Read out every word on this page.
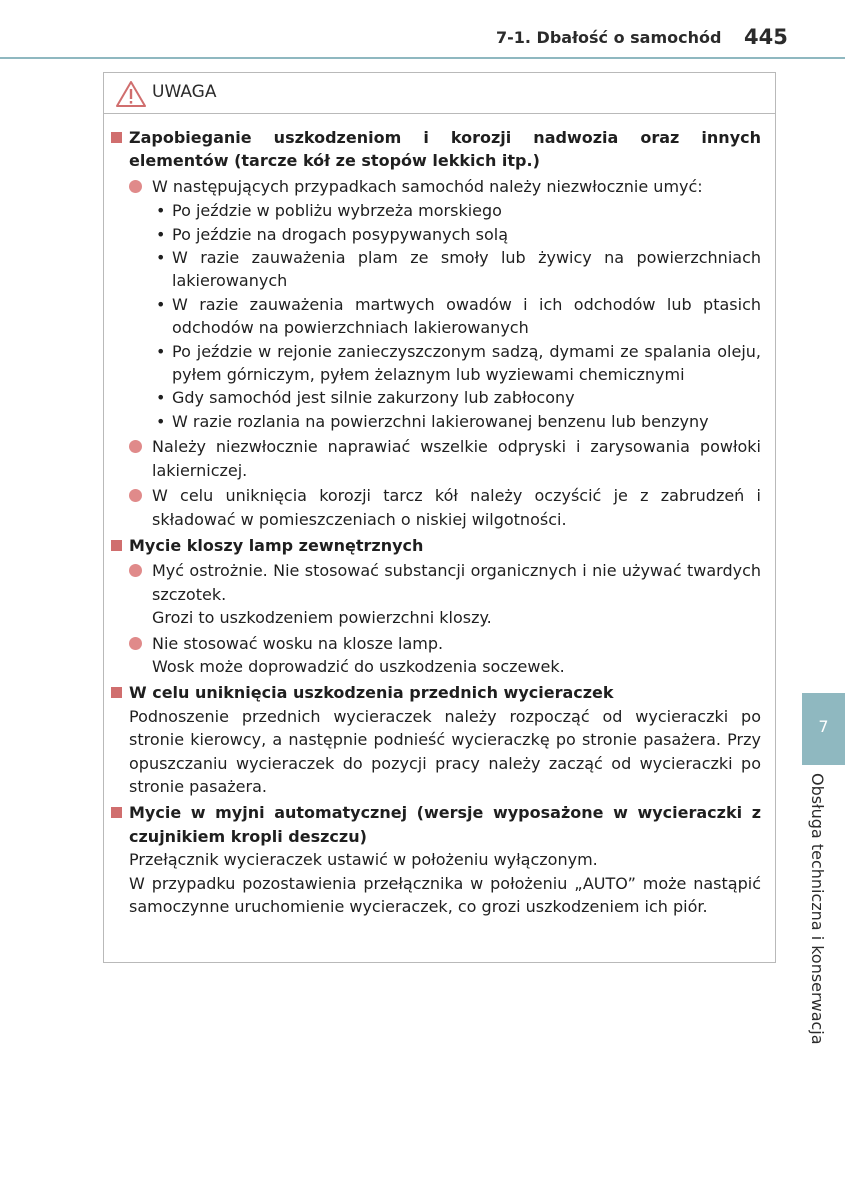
7-1. Dbałość o samochód 445
UWAGA
Zapobieganie uszkodzeniom i korozji nadwozia oraz innych elementów (tarcze kół ze stopów lekkich itp.)
W następujących przypadkach samochód należy niezwłocznie umyć:
• Po jeździe w pobliżu wybrzeża morskiego
• Po jeździe na drogach posypywanych solą
• W razie zauważenia plam ze smoły lub żywicy na powierzchniach lakierowanych
• W razie zauważenia martwych owadów i ich odchodów lub ptasich odchodów na powierzchniach lakierowanych
• Po jeździe w rejonie zanieczyszczonym sadzą, dymami ze spalania oleju, pyłem górniczym, pyłem żelaznym lub wyziewami chemicznymi
• Gdy samochód jest silnie zakurzony lub zabłocony
• W razie rozlania na powierzchni lakierowanej benzenu lub benzyny
Należy niezwłocznie naprawiać wszelkie odpryski i zarysowania powłoki lakierniczej.
W celu uniknięcia korozji tarcz kół należy oczyścić je z zabrudzeń i składować w pomieszczeniach o niskiej wilgotności.
Mycie kloszy lamp zewnętrznych
Myć ostrożnie. Nie stosować substancji organicznych i nie używać twardych szczotek.
Grozi to uszkodzeniem powierzchni kloszy.
Nie stosować wosku na klosze lamp.
Wosk może doprowadzić do uszkodzenia soczewek.
W celu uniknięcia uszkodzenia przednich wycieraczek
Podnoszenie przednich wycieraczek należy rozpocząć od wycieraczki po stronie kierowcy, a następnie podnieść wycieraczkę po stronie pasażera. Przy opuszczaniu wycieraczek do pozycji pracy należy zacząć od wycieraczki po stronie pasażera.
Mycie w myjni automatycznej (wersje wyposażone w wycieraczki z czujnikiem kropli deszczu)
Przełącznik wycieraczek ustawić w położeniu wyłączonym.
W przypadku pozostawienia przełącznika w położeniu „AUTO” może nastąpić samoczynne uruchomienie wycieraczek, co grozi uszkodzeniem ich piór.
7
Obsługa techniczna i konserwacja
